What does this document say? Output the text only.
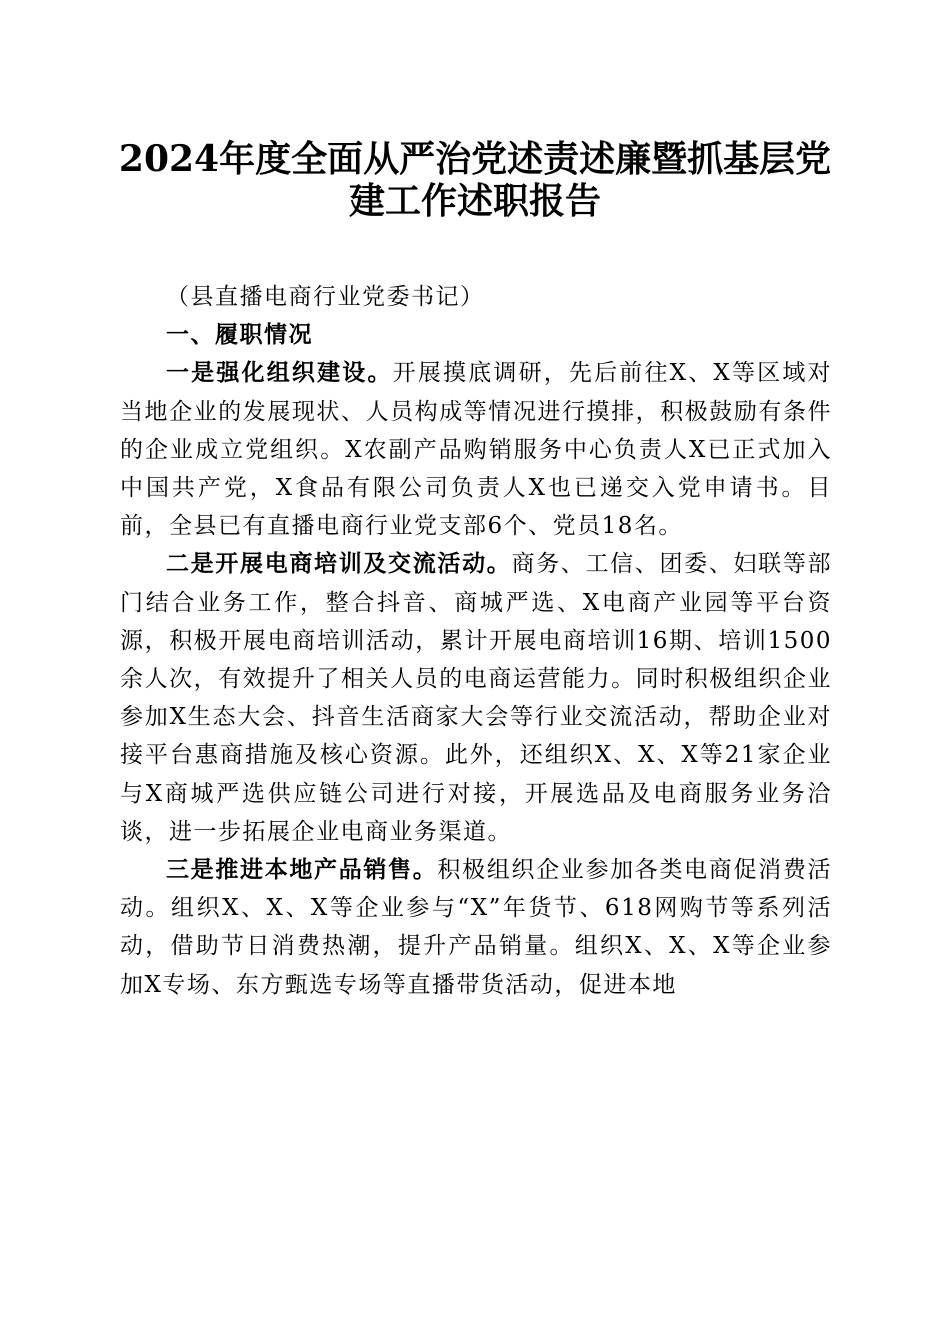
2024年度全面从严治党述责述廉暨抓基层党
建工作述职报告

（县直播电商行业党委书记）

一、履职情况

一是强化组织建设。开展摸底调研，先后前往X、X等区域对当地企业的发展现状、人员构成等情况进行摸排，积极鼓励有条件的企业成立党组织。X农副产品购销服务中心负责人X已正式加入中国共产党，X食品有限公司负责人X也已递交入党申请书。目前，全县已有直播电商行业党支部6个、党员18名。

二是开展电商培训及交流活动。商务、工信、团委、妇联等部门结合业务工作，整合抖音、商城严选、X电商产业园等平台资源，积极开展电商培训活动，累计开展电商培训16期、培训1500余人次，有效提升了相关人员的电商运营能力。同时积极组织企业参加X生态大会、抖音生活商家大会等行业交流活动，帮助企业对接平台惠商措施及核心资源。此外，还组织X、X、X等21家企业与X商城严选供应链公司进行对接，开展选品及电商服务业务洽谈，进一步拓展企业电商业务渠道。

三是推进本地产品销售。积极组织企业参加各类电商促消费活动。组织X、X、X等企业参与“X”年货节、618网购节等系列活动，借助节日消费热潮，提升产品销量。组织X、X、X等企业参加X专场、东方甄选专场等直播带货活动，促进本地
